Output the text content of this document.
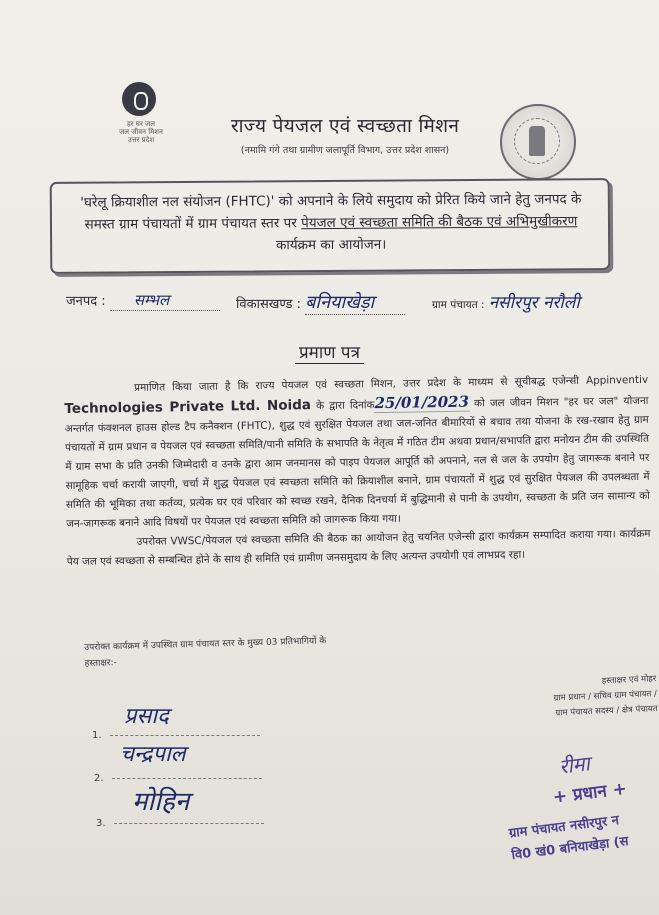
हर घर जल
जल जीवन मिशन
उत्तर प्रदेश
राज्य पेयजल एवं स्वच्छता मिशन
(नमामि गंगे तथा ग्रामीण जलापूर्ति विभाग, उत्तर प्रदेश शासन)
'घरेलू क्रियाशील नल संयोजन (FHTC)' को अपनाने के लिये समुदाय को प्रेरित किये जाने हेतु जनपद के
समस्त ग्राम पंचायतों में ग्राम पंचायत स्तर पर पेयजल एवं स्वच्छता समिति की बैठक एवं अभिमुखीकरण
कार्यक्रम का आयोजन।
जनपद : सम्भल	विकासखण्ड : बनियाखेड़ा	ग्राम पंचायत : नसीरपुर नरौली
प्रमाण पत्र

प्रमाणित किया जाता है कि राज्य पेयजल एवं स्वच्छता मिशन, उत्तर प्रदेश के माध्यम से सूचीबद्ध एजेन्सी Appinventiv Technologies Private Ltd. Noida के द्वारा दिनांक25/01/2023 को जल जीवन मिशन "हर घर जल" योजना अन्तर्गत फंक्शनल हाउस होल्ड टैप कनैक्शन (FHTC), शुद्ध एवं सुरक्षित पेयजल तथा जल-जनित बीमारियों से बचाव तथा योजना के रख-रखाव हेतु ग्राम पंचायतों में ग्राम प्रधान व पेयजल एवं स्वच्छता समिति/पानी समिति के सभापति के नेतृत्व में गठित टीम अथवा प्रधान/सभापति द्वारा मनोयन टीम की उपस्थिति में ग्राम सभा के प्रति उनकी जिम्मेदारी व उनके द्वारा आम जनमानस को पाइप पेयजल आपूर्ति को अपनाने, नल से जल के उपयोग हेतु जागरूक बनाने पर सामूहिक चर्चा करायी जाएगी, चर्चा में शुद्ध पेयजल एवं स्वच्छता समिति को क्रियाशील बनाने, ग्राम पंचायतों में शुद्ध एवं सुरक्षित पेयजल की उपलब्धता में समिति की भूमिका तथा कर्तव्य, प्रत्येक घर एवं परिवार को स्वच्छ रखने, दैनिक दिनचर्या में बुद्धिमानी से पानी के उपयोग, स्वच्छता के प्रति जन सामान्य को जन-जागरूक बनाने आदि विषयों पर पेयजल एवं स्वच्छता समिति को जागरूक किया गया।

उपरोक्त VWSC/पेयजल एवं स्वच्छता समिति की बैठक का आयोजन हेतु चयनित एजेन्सी द्वारा कार्यक्रम सम्पादित कराया गया। कार्यक्रम पेय जल एवं स्वच्छता से सम्बन्धित होने के साथ ही समिति एवं ग्रामीण जनसमुदाय के लिए अत्यन्त उपयोगी एवं लाभप्रद रहा।

उपरोक्त कार्यक्रम में उपस्थित ग्राम पंचायत स्तर के मुख्य 03 प्रतिभागियों के
हस्ताक्षर:-
1.
प्रसाद
2.
चन्द्रपाल
3.
मोहिन
हस्ताक्षर एवं मोहर
ग्राम प्रधान / सचिव ग्राम पंचायत /
ग्राम पंचायत सदस्य / क्षेत्र पंचायत
रीमा
+ प्रधान +
ग्राम पंचायत नसीरपुर न
वि0 खं0 बनियाखेड़ा (स
